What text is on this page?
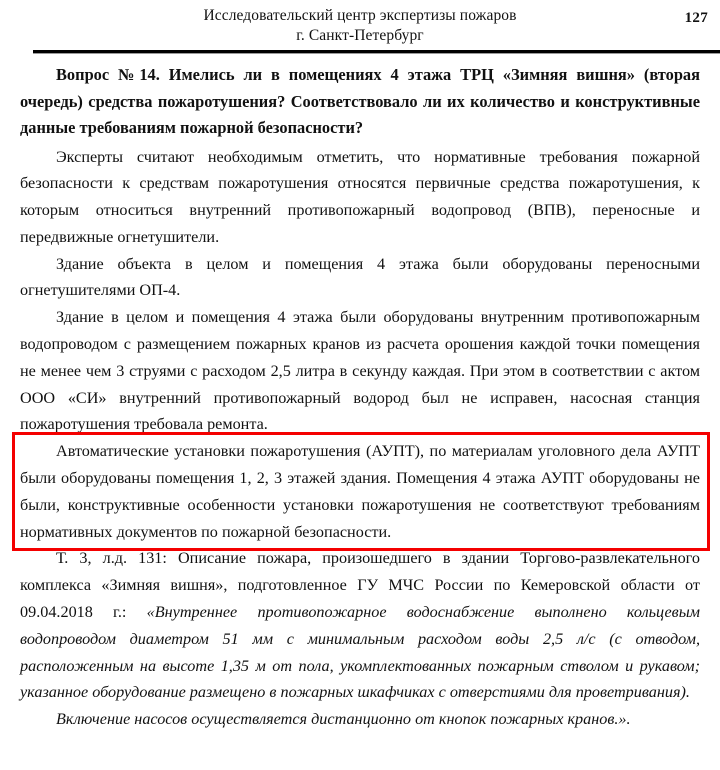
Исследовательский центр экспертизы пожаров
г. Санкт-Петербург
127

Вопрос №14. Имелись ли в помещениях 4 этажа ТРЦ «Зимняя вишня» (вторая очередь) средства пожаротушения? Соответствовало ли их количество и конструктивные данные требованиям пожарной безопасности?

Эксперты считают необходимым отметить, что нормативные требования пожарной безопасности к средствам пожаротушения относятся первичные средства пожаротушения, к которым относиться внутренний противопожарный водопровод (ВПВ), переносные и передвижные огнетушители.

Здание объекта в целом и помещения 4 этажа были оборудованы переносными огнетушителями ОП-4.

Здание в целом и помещения 4 этажа были оборудованы внутренним противопожарным водопроводом с размещением пожарных кранов из расчета орошения каждой точки помещения не менее чем 3 струями с расходом 2,5 литра в секунду каждая. При этом в соответствии с актом ООО «СИ» внутренний противопожарный водород был не исправен, насосная станция пожаротушения требовала ремонта.

Автоматические установки пожаротушения (АУПТ), по материалам уголовного дела АУПТ были оборудованы помещения 1, 2, 3 этажей здания. Помещения 4 этажа АУПТ оборудованы не были, конструктивные особенности установки пожаротушения не соответствуют требованиям нормативных документов по пожарной безопасности.

Т. 3, л.д. 131: Описание пожара, произошедшего в здании Торгово-развлекательного комплекса «Зимняя вишня», подготовленное ГУ МЧС России по Кемеровской области от 09.04.2018 г.: «Внутреннее противопожарное водоснабжение выполнено кольцевым водопроводом диаметром 51 мм с минимальным расходом воды 2,5 л/с (с отводом, расположенным на высоте 1,35 м от пола, укомплектованных пожарным стволом и рукавом; указанное оборудование размещено в пожарных шкафчиках с отверстиями для проветривания).

Включение насосов осуществляется дистанционно от кнопок пожарных кранов.».
